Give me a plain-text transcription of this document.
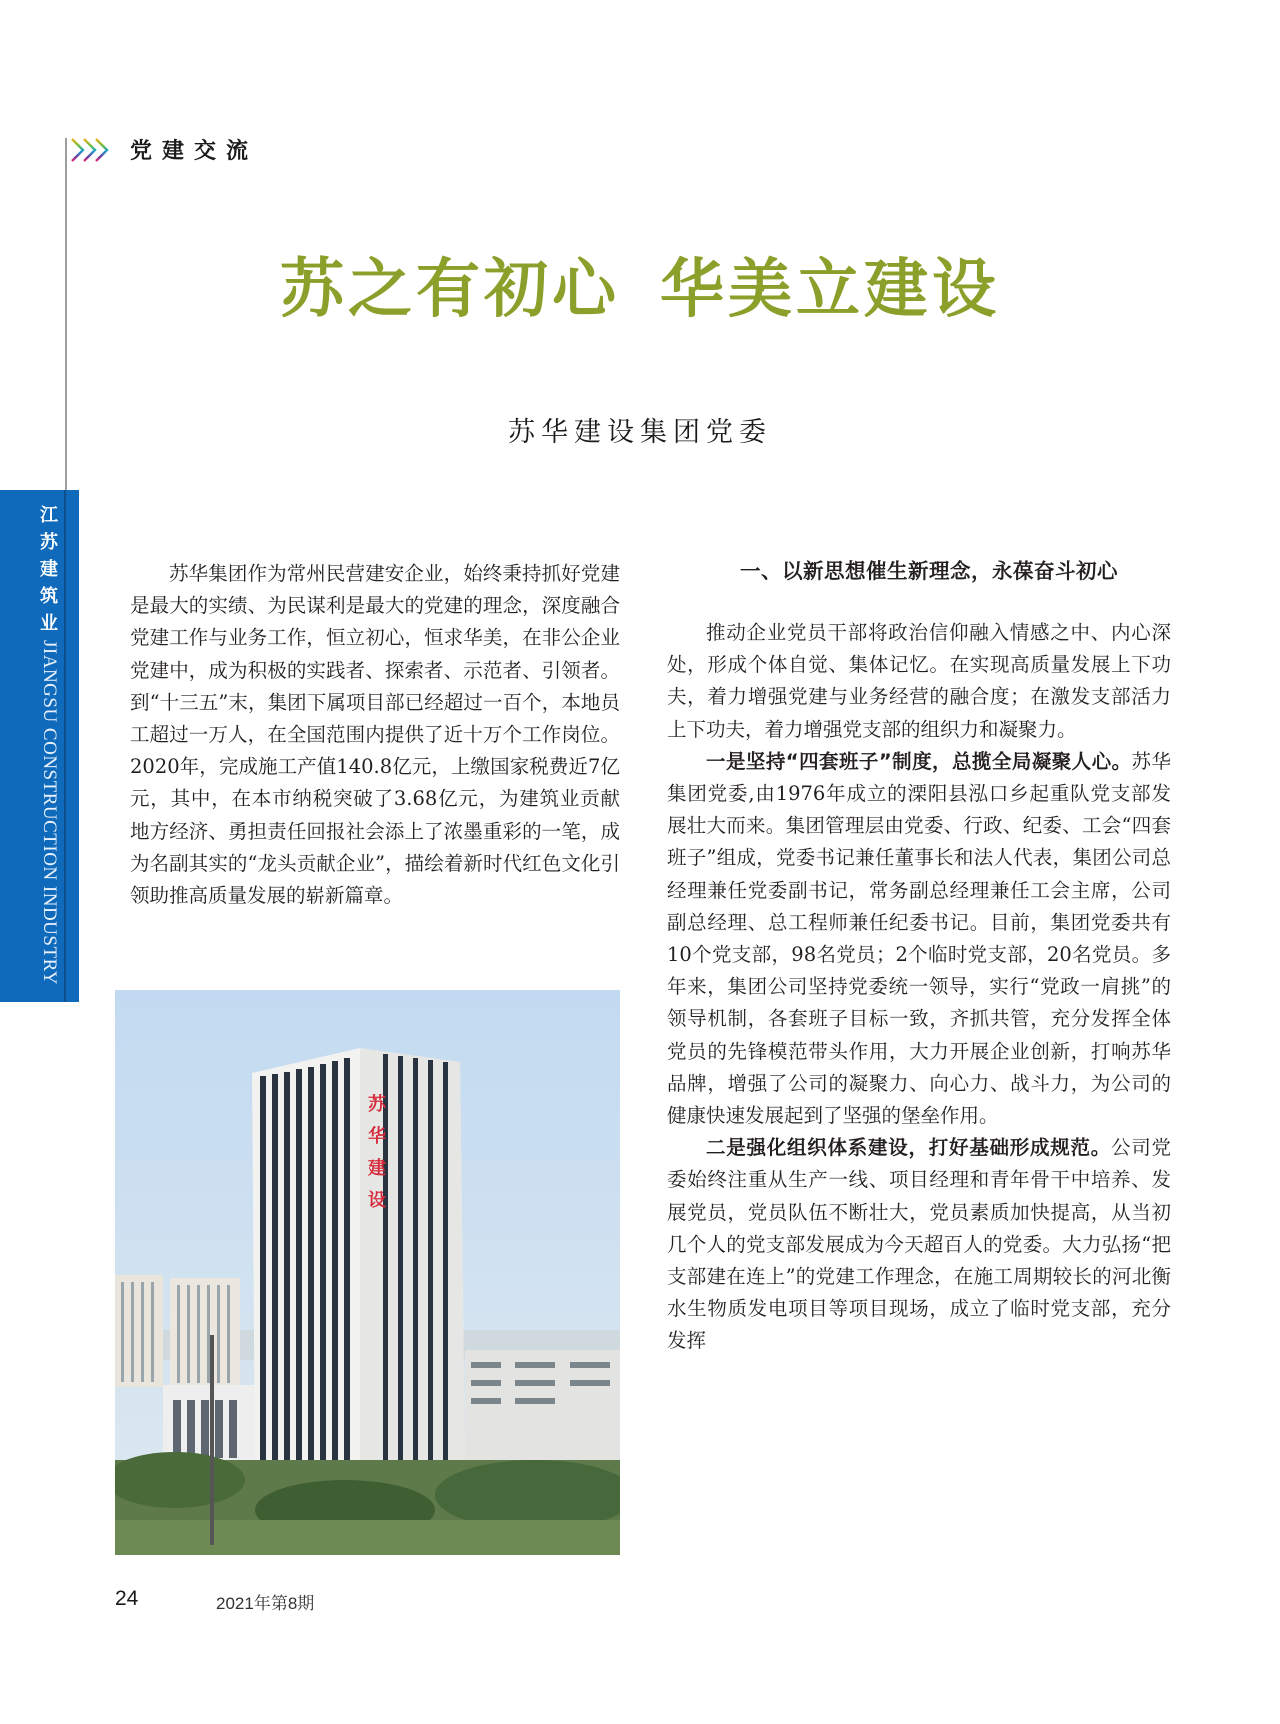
党建交流
苏之有初心 华美立建设
苏华建设集团党委
江
苏
建
筑
业
JIANGSU CONSTRUCTION INDUSTRY

苏华集团作为常州民营建安企业，始终秉持抓好党建是最大的实绩、为民谋利是最大的党建的理念，深度融合党建工作与业务工作，恒立初心，恒求华美，在非公企业党建中，成为积极的实践者、探索者、示范者、引领者。到“十三五”末，集团下属项目部已经超过一百个，本地员工超过一万人，在全国范围内提供了近十万个工作岗位。2020年，完成施工产值140.8亿元，上缴国家税费近7亿元，其中，在本市纳税突破了3.68亿元，为建筑业贡献地方经济、勇担责任回报社会添上了浓墨重彩的一笔，成为名副其实的“龙头贡献企业”，描绘着新时代红色文化引领助推高质量发展的崭新篇章。

苏
华
建
设
一、以新思想催生新理念，永葆奋斗初心

推动企业党员干部将政治信仰融入情感之中、内心深处，形成个体自觉、集体记忆。在实现高质量发展上下功夫，着力增强党建与业务经营的融合度；在激发支部活力上下功夫，着力增强党支部的组织力和凝聚力。

一是坚持“四套班子”制度，总揽全局凝聚人心。苏华集团党委,由1976年成立的溧阳县泓口乡起重队党支部发展壮大而来。集团管理层由党委、行政、纪委、工会“四套班子”组成，党委书记兼任董事长和法人代表，集团公司总经理兼任党委副书记，常务副总经理兼任工会主席，公司副总经理、总工程师兼任纪委书记。目前，集团党委共有10个党支部，98名党员；2个临时党支部，20名党员。多年来，集团公司坚持党委统一领导，实行“党政一肩挑”的领导机制，各套班子目标一致，齐抓共管，充分发挥全体党员的先锋模范带头作用，大力开展企业创新，打响苏华品牌，增强了公司的凝聚力、向心力、战斗力，为公司的健康快速发展起到了坚强的堡垒作用。

二是强化组织体系建设，打好基础形成规范。公司党委始终注重从生产一线、项目经理和青年骨干中培养、发展党员，党员队伍不断壮大，党员素质加快提高，从当初几个人的党支部发展成为今天超百人的党委。大力弘扬“把支部建在连上”的党建工作理念，在施工周期较长的河北衡水生物质发电项目等项目现场，成立了临时党支部，充分发挥

24	2021年第8期
